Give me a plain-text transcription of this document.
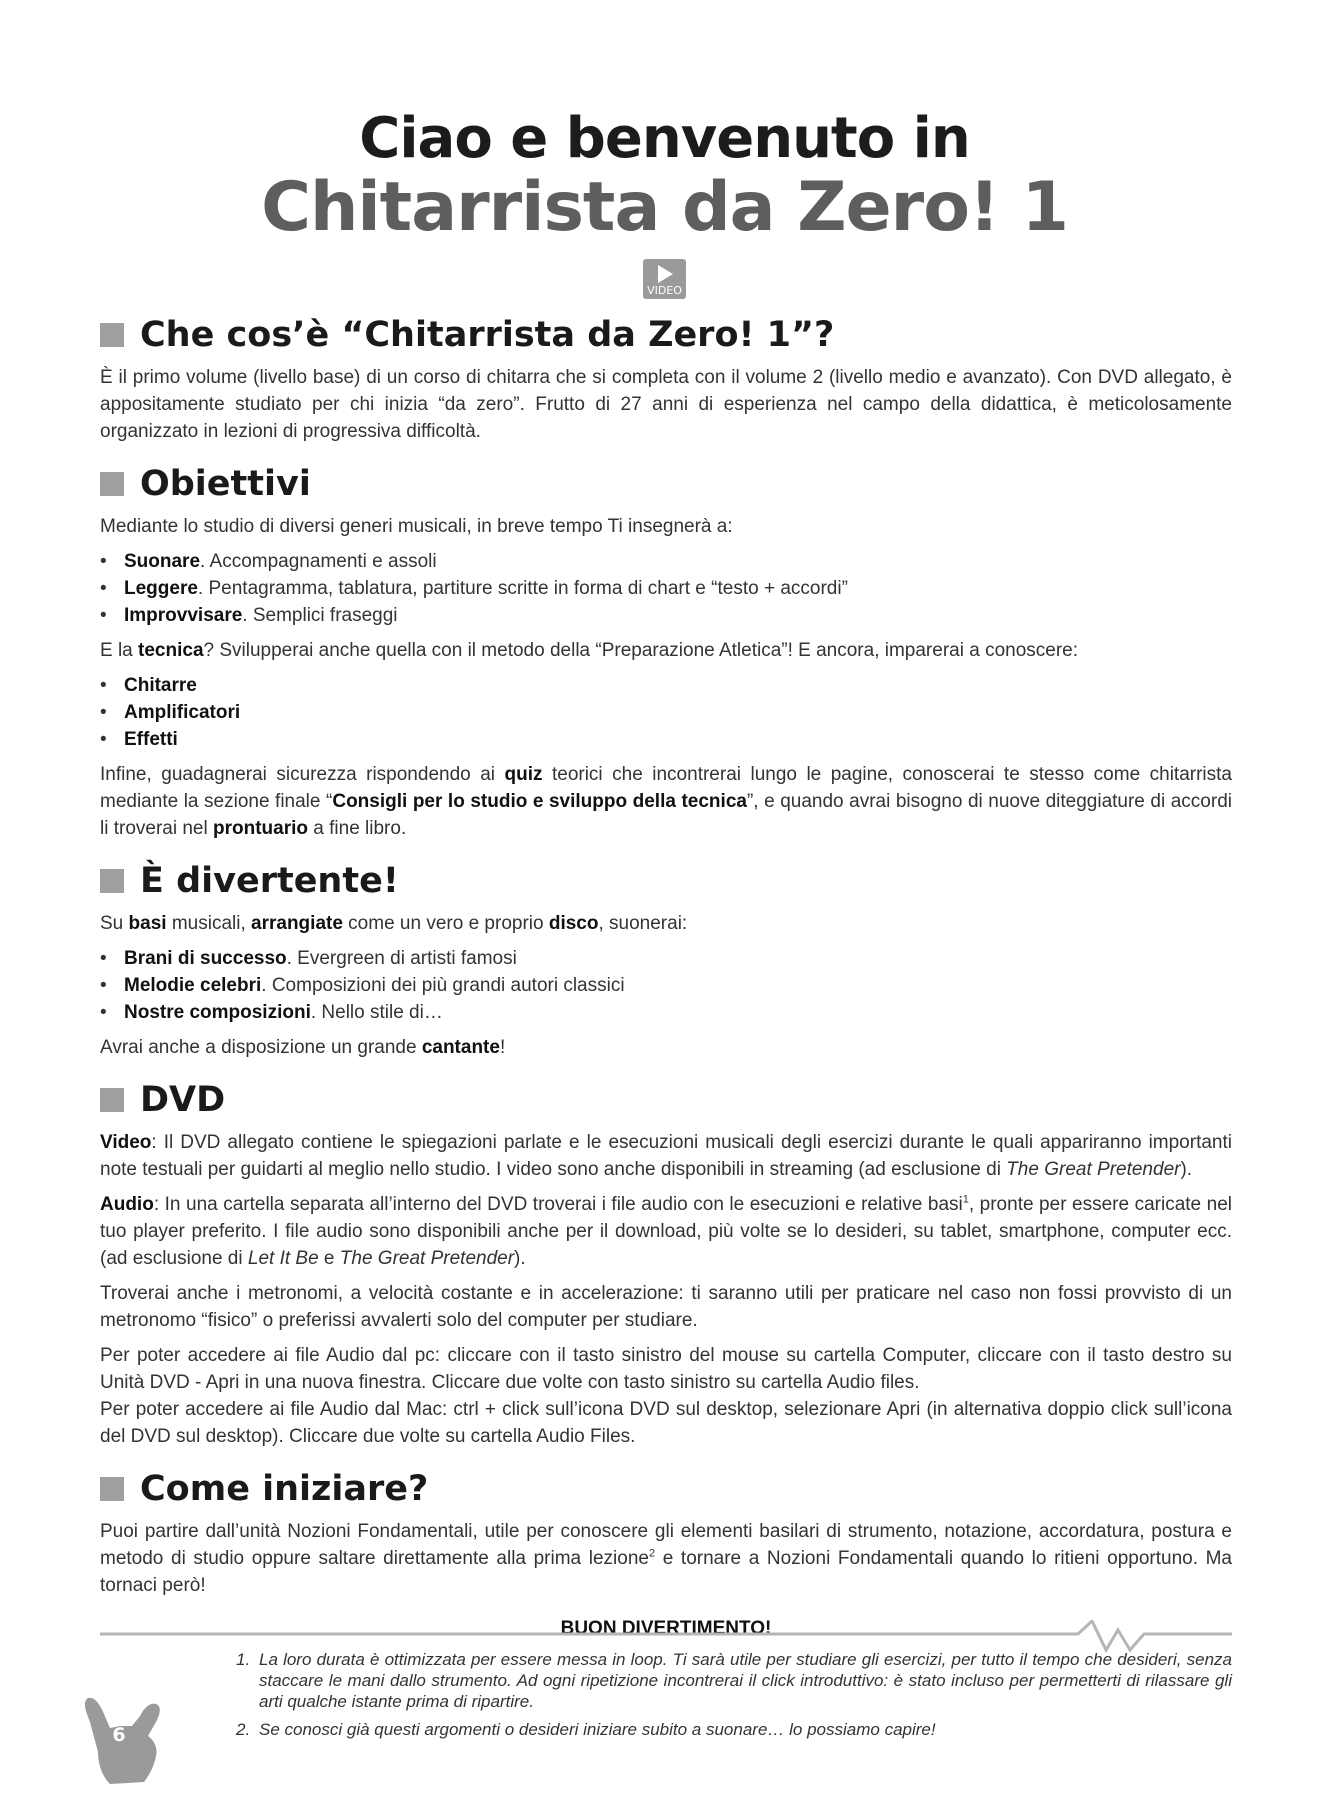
Ciao e benvenuto in
Chitarrista da Zero! 1
VIDEO
Che cos’è “Chitarrista da Zero! 1”?

È il primo volume (livello base) di un corso di chitarra che si completa con il volume 2 (livello medio e avanzato). Con DVD allegato, è appositamente studiato per chi inizia “da zero”. Frutto di 27 anni di esperienza nel campo della didattica, è meticolosamente organizzato in lezioni di progressiva difficoltà.

Obiettivi

Mediante lo studio di diversi generi musicali, in breve tempo Ti insegnerà a:

• Suonare. Accompagnamenti e assoli
• Leggere. Pentagramma, tablatura, partiture scritte in forma di chart e “testo + accordi”
• Improvvisare. Semplici fraseggi

E la tecnica? Svilupperai anche quella con il metodo della “Preparazione Atletica”! E ancora, imparerai a conoscere:

• Chitarre
• Amplificatori
• Effetti

Infine, guadagnerai sicurezza rispondendo ai quiz teorici che incontrerai lungo le pagine, conoscerai te stesso come chitarrista mediante la sezione finale “Consigli per lo studio e sviluppo della tecnica”, e quando avrai bisogno di nuove diteggiature di accordi li troverai nel prontuario a fine libro.

È divertente!

Su basi musicali, arrangiate come un vero e proprio disco, suonerai:

• Brani di successo. Evergreen di artisti famosi
• Melodie celebri. Composizioni dei più grandi autori classici
• Nostre composizioni. Nello stile di…

Avrai anche a disposizione un grande cantante!

DVD

Video: Il DVD allegato contiene le spiegazioni parlate e le esecuzioni musicali degli esercizi durante le quali appariranno importanti note testuali per guidarti al meglio nello studio. I video sono anche disponibili in streaming (ad esclusione di The Great Pretender).

Audio: In una cartella separata all’interno del DVD troverai i file audio con le esecuzioni e relative basi$^1$, pronte per essere caricate nel tuo player preferito. I file audio sono disponibili anche per il download, più volte se lo desideri, su tablet, smartphone, computer ecc. (ad esclusione di Let It Be e The Great Pretender).

Troverai anche i metronomi, a velocità costante e in accelerazione: ti saranno utili per praticare nel caso non fossi provvisto di un metronomo “fisico” o preferissi avvalerti solo del computer per studiare.

Per poter accedere ai file Audio dal pc: cliccare con il tasto sinistro del mouse su cartella Computer, cliccare con il tasto destro su Unità DVD - Apri in una nuova finestra. Cliccare due volte con tasto sinistro su cartella Audio files.

Per poter accedere ai file Audio dal Mac: ctrl + click sull’icona DVD sul desktop, selezionare Apri (in alternativa doppio click sull’icona del DVD sul desktop). Cliccare due volte su cartella Audio Files.

Come iniziare?

Puoi partire dall’unità Nozioni Fondamentali, utile per conoscere gli elementi basilari di strumento, notazione, accordatura, postura e metodo di studio oppure saltare direttamente alla prima lezione$^2$ e tornare a Nozioni Fondamentali quando lo ritieni opportuno. Ma tornaci però!

BUON DIVERTIMENTO!
1. La loro durata è ottimizzata per essere messa in loop. Ti sarà utile per studiare gli esercizi, per tutto il tempo che desideri, senza staccare le mani dallo strumento. Ad ogni ripetizione incontrerai il click introduttivo: è stato incluso per permetterti di rilassare gli arti qualche istante prima di ripartire.
2. Se conosci già questi argomenti o desideri iniziare subito a suonare… lo possiamo capire!
6
